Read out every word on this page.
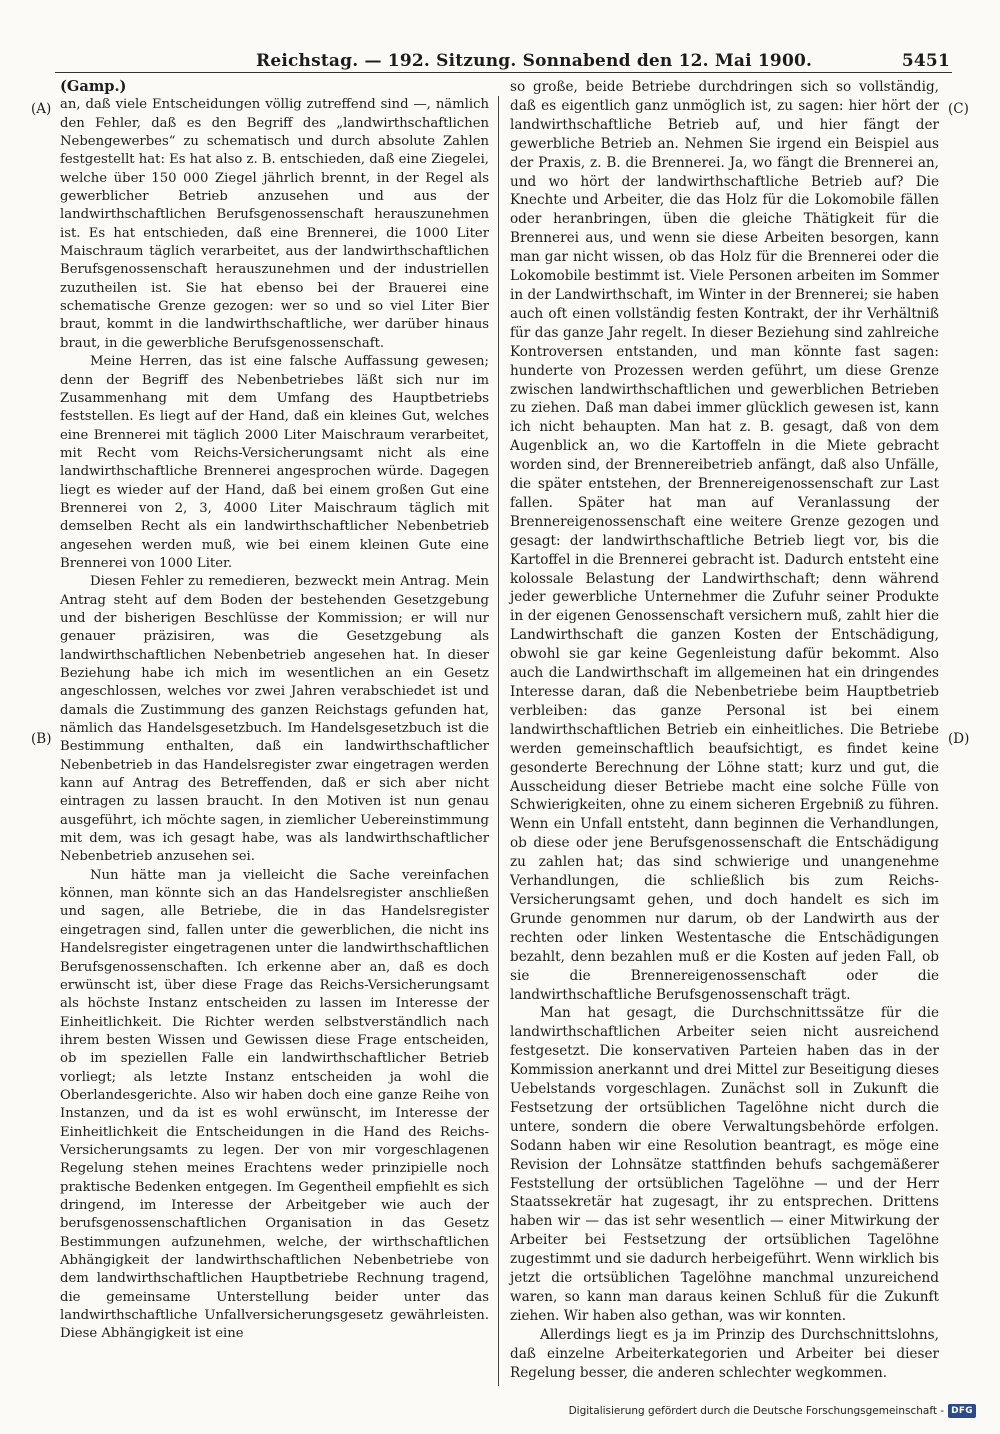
Reichstag. — 192. Sitzung. Sonnabend den 12. Mai 1900.	5451
(A)
(B)
(C)
(D)
(Gamp.)

an, daß viele Entscheidungen völlig zutreffend sind —, nämlich den Fehler, daß es den Begriff des „landwirthschaftlichen Nebengewerbes“ zu schematisch und durch absolute Zahlen festgestellt hat: Es hat also z. B. entschieden, daß eine Ziegelei, welche über 150 000 Ziegel jährlich brennt, in der Regel als gewerblicher Betrieb anzusehen und aus der landwirthschaftlichen Berufsgenossenschaft herauszunehmen ist. Es hat entschieden, daß eine Brennerei, die 1000 Liter Maischraum täglich verarbeitet, aus der landwirthschaftlichen Berufsgenossenschaft herauszunehmen und der industriellen zuzutheilen ist. Sie hat ebenso bei der Brauerei eine schematische Grenze gezogen: wer so und so viel Liter Bier braut, kommt in die landwirthschaftliche, wer darüber hinaus braut, in die gewerbliche Berufsgenossenschaft.

Meine Herren, das ist eine falsche Auffassung gewesen; denn der Begriff des Nebenbetriebes läßt sich nur im Zusammenhang mit dem Umfang des Hauptbetriebs feststellen. Es liegt auf der Hand, daß ein kleines Gut, welches eine Brennerei mit täglich 2000 Liter Maischraum verarbeitet, mit Recht vom Reichs-Versicherungsamt nicht als eine landwirthschaftliche Brennerei angesprochen würde. Dagegen liegt es wieder auf der Hand, daß bei einem großen Gut eine Brennerei von 2, 3, 4000 Liter Maischraum täglich mit demselben Recht als ein landwirthschaftlicher Nebenbetrieb angesehen werden muß, wie bei einem kleinen Gute eine Brennerei von 1000 Liter.

Diesen Fehler zu remedieren, bezweckt mein Antrag. Mein Antrag steht auf dem Boden der bestehenden Gesetzgebung und der bisherigen Beschlüsse der Kommission; er will nur genauer präzisiren, was die Gesetzgebung als landwirthschaftlichen Nebenbetrieb angesehen hat. In dieser Beziehung habe ich mich im wesentlichen an ein Gesetz angeschlossen, welches vor zwei Jahren verabschiedet ist und damals die Zustimmung des ganzen Reichstags gefunden hat, nämlich das Handelsgesetzbuch. Im Handelsgesetzbuch ist die Bestimmung enthalten, daß ein landwirthschaftlicher Nebenbetrieb in das Handelsregister zwar eingetragen werden kann auf Antrag des Betreffenden, daß er sich aber nicht eintragen zu lassen braucht. In den Motiven ist nun genau ausgeführt, ich möchte sagen, in ziemlicher Uebereinstimmung mit dem, was ich gesagt habe, was als landwirthschaftlicher Nebenbetrieb anzusehen sei.

Nun hätte man ja vielleicht die Sache vereinfachen können, man könnte sich an das Handelsregister anschließen und sagen, alle Betriebe, die in das Handelsregister eingetragen sind, fallen unter die gewerblichen, die nicht ins Handelsregister eingetragenen unter die landwirthschaftlichen Berufsgenossenschaften. Ich erkenne aber an, daß es doch erwünscht ist, über diese Frage das Reichs-Versicherungsamt als höchste Instanz entscheiden zu lassen im Interesse der Einheitlichkeit. Die Richter werden selbstverständlich nach ihrem besten Wissen und Gewissen diese Frage entscheiden, ob im speziellen Falle ein landwirthschaftlicher Betrieb vorliegt; als letzte Instanz entscheiden ja wohl die Oberlandesgerichte. Also wir haben doch eine ganze Reihe von Instanzen, und da ist es wohl erwünscht, im Interesse der Einheitlichkeit die Entscheidungen in die Hand des Reichs-Versicherungsamts zu legen. Der von mir vorgeschlagenen Regelung stehen meines Erachtens weder prinzipielle noch praktische Bedenken entgegen. Im Gegentheil empfiehlt es sich dringend, im Interesse der Arbeitgeber wie auch der berufsgenossenschaftlichen Organisation in das Gesetz Bestimmungen aufzunehmen, welche, der wirthschaftlichen Abhängigkeit der landwirthschaftlichen Nebenbetriebe von dem landwirthschaftlichen Hauptbetriebe Rechnung tragend, die gemeinsame Unterstellung beider unter das landwirthschaftliche Unfallversicherungsgesetz gewährleisten. Diese Abhängigkeit ist eine

so große, beide Betriebe durchdringen sich so vollständig, daß es eigentlich ganz unmöglich ist, zu sagen: hier hört der landwirthschaftliche Betrieb auf, und hier fängt der gewerbliche Betrieb an. Nehmen Sie irgend ein Beispiel aus der Praxis, z. B. die Brennerei. Ja, wo fängt die Brennerei an, und wo hört der landwirthschaftliche Betrieb auf? Die Knechte und Arbeiter, die das Holz für die Lokomobile fällen oder heranbringen, üben die gleiche Thätigkeit für die Brennerei aus, und wenn sie diese Arbeiten besorgen, kann man gar nicht wissen, ob das Holz für die Brennerei oder die Lokomobile bestimmt ist. Viele Personen arbeiten im Sommer in der Landwirthschaft, im Winter in der Brennerei; sie haben auch oft einen vollständig festen Kontrakt, der ihr Verhältniß für das ganze Jahr regelt. In dieser Beziehung sind zahlreiche Kontroversen entstanden, und man könnte fast sagen: hunderte von Prozessen werden geführt, um diese Grenze zwischen landwirthschaftlichen und gewerblichen Betrieben zu ziehen. Daß man dabei immer glücklich gewesen ist, kann ich nicht behaupten. Man hat z. B. gesagt, daß von dem Augenblick an, wo die Kartoffeln in die Miete gebracht worden sind, der Brennereibetrieb anfängt, daß also Unfälle, die später entstehen, der Brennereigenossenschaft zur Last fallen. Später hat man auf Veranlassung der Brennereigenossenschaft eine weitere Grenze gezogen und gesagt: der landwirthschaftliche Betrieb liegt vor, bis die Kartoffel in die Brennerei gebracht ist. Dadurch entsteht eine kolossale Belastung der Landwirthschaft; denn während jeder gewerbliche Unternehmer die Zufuhr seiner Produkte in der eigenen Genossenschaft versichern muß, zahlt hier die Landwirthschaft die ganzen Kosten der Entschädigung, obwohl sie gar keine Gegenleistung dafür bekommt. Also auch die Landwirthschaft im allgemeinen hat ein dringendes Interesse daran, daß die Nebenbetriebe beim Hauptbetrieb verbleiben: das ganze Personal ist bei einem landwirthschaftlichen Betrieb ein einheitliches. Die Betriebe werden gemeinschaftlich beaufsichtigt, es findet keine gesonderte Berechnung der Löhne statt; kurz und gut, die Ausscheidung dieser Betriebe macht eine solche Fülle von Schwierigkeiten, ohne zu einem sicheren Ergebniß zu führen. Wenn ein Unfall entsteht, dann beginnen die Verhandlungen, ob diese oder jene Berufsgenossenschaft die Entschädigung zu zahlen hat; das sind schwierige und unangenehme Verhandlungen, die schließlich bis zum Reichs-Versicherungsamt gehen, und doch handelt es sich im Grunde genommen nur darum, ob der Landwirth aus der rechten oder linken Westentasche die Entschädigungen bezahlt, denn bezahlen muß er die Kosten auf jeden Fall, ob sie die Brennereigenossenschaft oder die landwirthschaftliche Berufsgenossenschaft trägt.

Man hat gesagt, die Durchschnittssätze für die landwirthschaftlichen Arbeiter seien nicht ausreichend festgesetzt. Die konservativen Parteien haben das in der Kommission anerkannt und drei Mittel zur Beseitigung dieses Uebelstands vorgeschlagen. Zunächst soll in Zukunft die Festsetzung der ortsüblichen Tagelöhne nicht durch die untere, sondern die obere Verwaltungsbehörde erfolgen. Sodann haben wir eine Resolution beantragt, es möge eine Revision der Lohnsätze stattfinden behufs sachgemäßerer Feststellung der ortsüblichen Tagelöhne — und der Herr Staatssekretär hat zugesagt, ihr zu entsprechen. Drittens haben wir — das ist sehr wesentlich — einer Mitwirkung der Arbeiter bei Festsetzung der ortsüblichen Tagelöhne zugestimmt und sie dadurch herbeigeführt. Wenn wirklich bis jetzt die ortsüblichen Tagelöhne manchmal unzureichend waren, so kann man daraus keinen Schluß für die Zukunft ziehen. Wir haben also gethan, was wir konnten.

Allerdings liegt es ja im Prinzip des Durchschnittslohns, daß einzelne Arbeiterkategorien und Arbeiter bei dieser Regelung besser, die anderen schlechter wegkommen.

Digitalisierung gefördert durch die Deutsche Forschungsgemeinschaft - DFG
